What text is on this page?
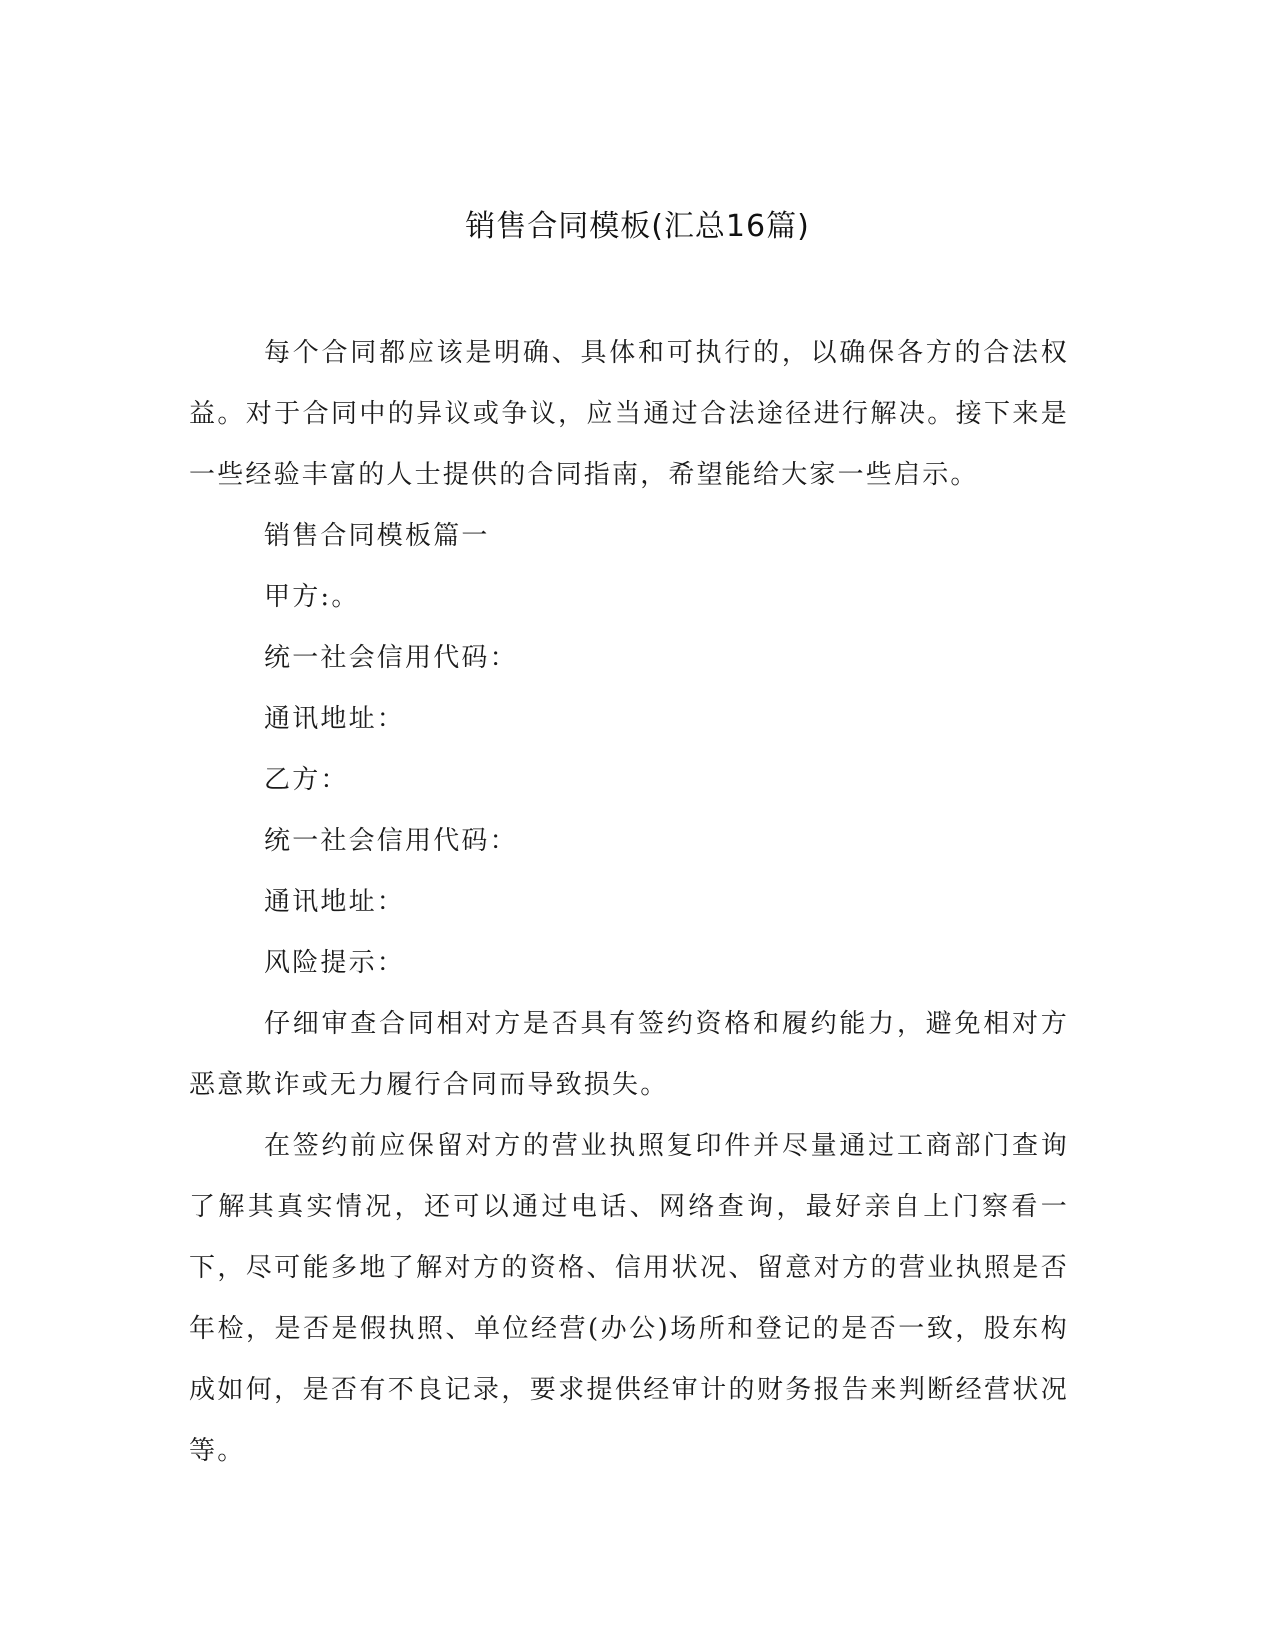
销售合同模板(汇总16篇)

每个合同都应该是明确、具体和可执行的，以确保各方的合法权益。对于合同中的异议或争议，应当通过合法途径进行解决。接下来是一些经验丰富的人士提供的合同指南，希望能给大家一些启示。

销售合同模板篇一

甲方:。

统一社会信用代码：

通讯地址：

乙方：

统一社会信用代码：

通讯地址：

风险提示：

仔细审查合同相对方是否具有签约资格和履约能力，避免相对方恶意欺诈或无力履行合同而导致损失。

在签约前应保留对方的营业执照复印件并尽量通过工商部门查询了解其真实情况，还可以通过电话、网络查询，最好亲自上门察看一下，尽可能多地了解对方的资格、信用状况、留意对方的营业执照是否年检，是否是假执照、单位经营(办公)场所和登记的是否一致，股东构成如何，是否有不良记录，要求提供经审计的财务报告来判断经营状况等。
